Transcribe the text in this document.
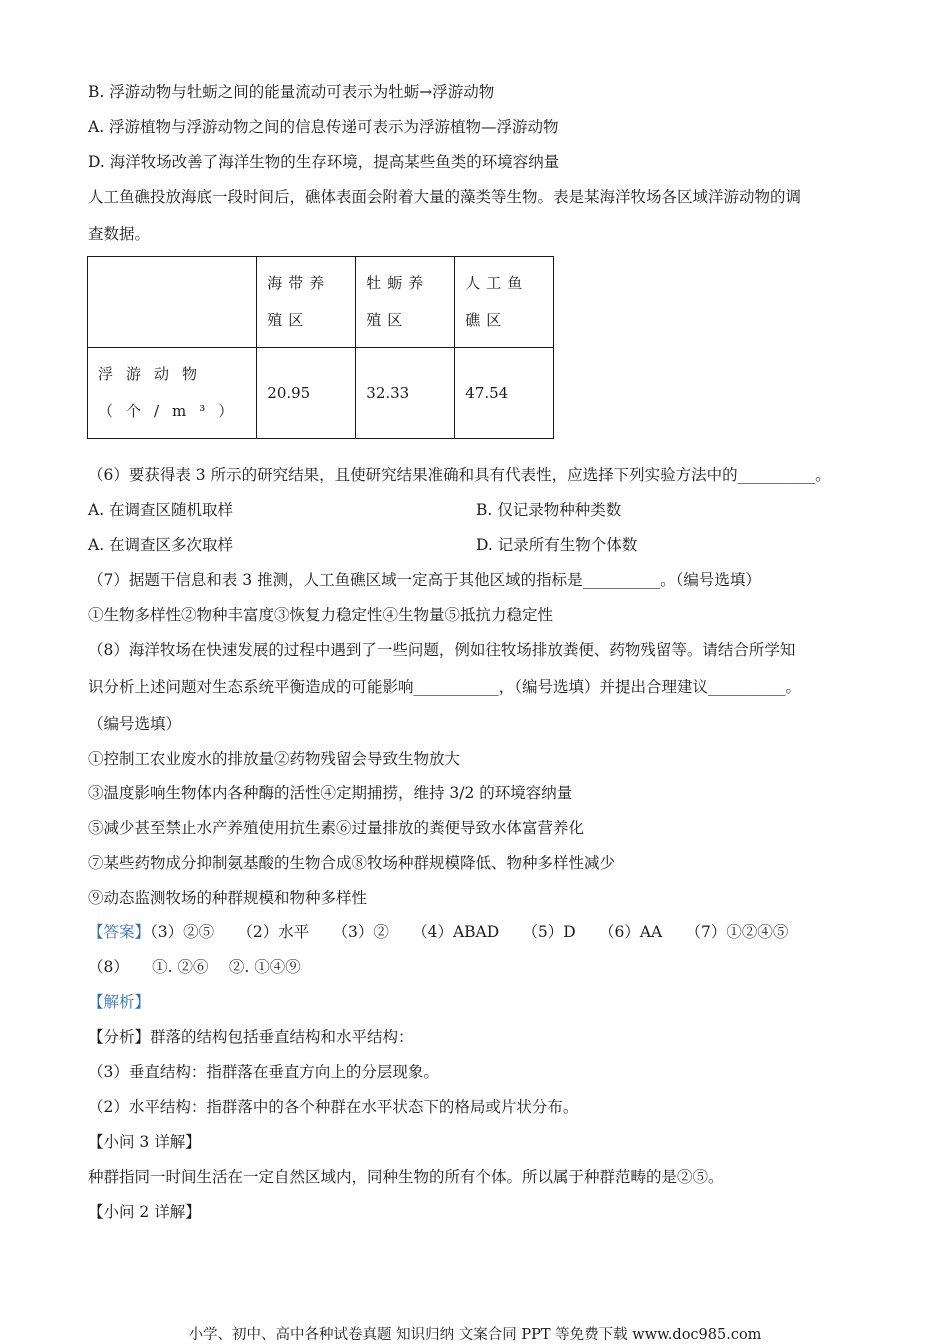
B. 浮游动物与牡蛎之间的能量流动可表示为牡蛎→浮游动物
A. 浮游植物与浮游动物之间的信息传递可表示为浮游植物—浮游动物
D. 海洋牧场改善了海洋生物的生存环境，提高某些鱼类的环境容纳量
人工鱼礁投放海底一段时间后，礁体表面会附着大量的藻类等生物。表是某海洋牧场各区域洋游动物的调
查数据。
	海带养殖区	牡蛎养殖区	人工鱼礁区
浮游动物（个/m³）	20.95	32.33	47.54
（6）要获得表 3 所示的研究结果，且使研究结果准确和具有代表性，应选择下列实验方法中的__________。
A. 在调查区随机取样	B. 仅记录物种种类数
A. 在调查区多次取样	D. 记录所有生物个体数
（7）据题干信息和表 3 推测，人工鱼礁区域一定高于其他区域的指标是__________。（编号选填）
①生物多样性②物种丰富度③恢复力稳定性④生物量⑤抵抗力稳定性
（8）海洋牧场在快速发展的过程中遇到了一些问题，例如往牧场排放粪便、药物残留等。请结合所学知
识分析上述问题对生态系统平衡造成的可能影响___________，（编号选填）并提出合理建议__________。
（编号选填）
①控制工农业废水的排放量②药物残留会导致生物放大
③温度影响生物体内各种酶的活性④定期捕捞，维持 3/2 的环境容纳量
⑤减少甚至禁止水产养殖使用抗生素⑥过量排放的粪便导致水体富营养化
⑦某些药物成分抑制氨基酸的生物合成⑧牧场种群规模降低、物种多样性减少
⑨动态监测牧场的种群规模和物种多样性
【答案】（3）②⑤　　（2）水平　　（3）②　　（4）ABAD　　（5）D　　（6）AA　　（7）①②④⑤
（8）　　①. ②⑥　 ②. ①④⑨
【解析】
【分析】群落的结构包括垂直结构和水平结构：
（3）垂直结构：指群落在垂直方向上的分层现象。
（2）水平结构：指群落中的各个种群在水平状态下的格局或片状分布。
【小问 3 详解】
种群指同一时间生活在一定自然区域内，同种生物的所有个体。所以属于种群范畴的是②⑤。
【小问 2 详解】
小学、初中、高中各种试卷真题 知识归纳 文案合同 PPT 等免费下载 www.doc985.com
